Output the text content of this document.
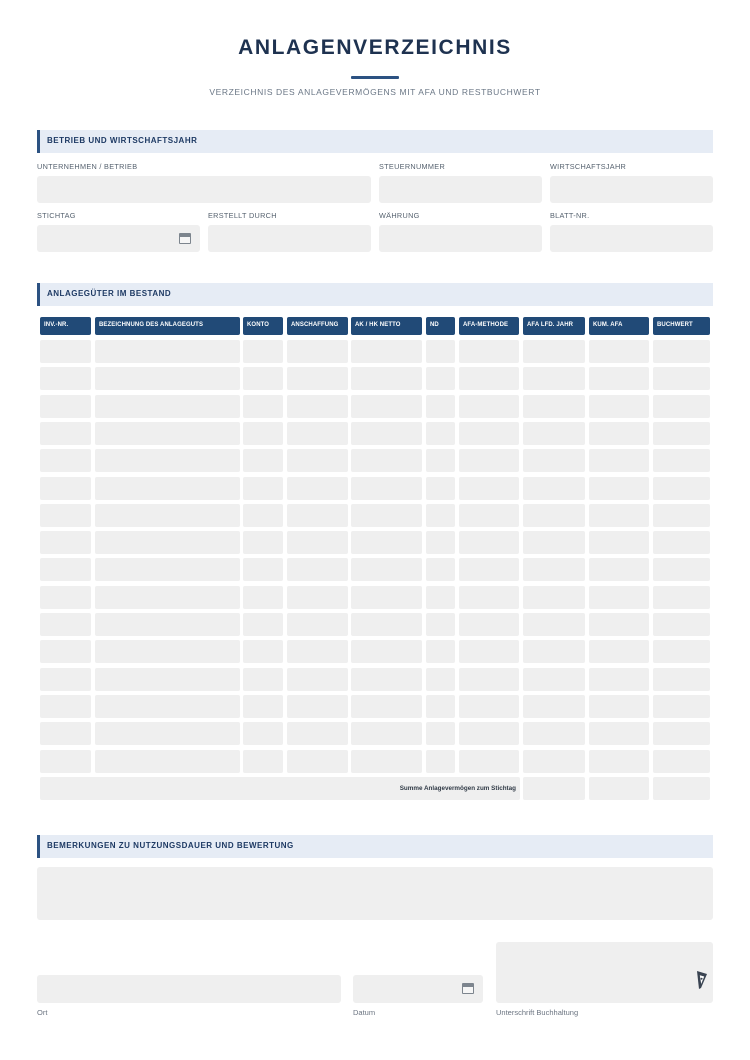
ANLAGENVERZEICHNIS
VERZEICHNIS DES ANLAGEVERMÖGENS MIT AFA UND RESTBUCHWERT
BETRIEB UND WIRTSCHAFTSJAHR
UNTERNEHMEN / BETRIEB	STEUERNUMMER	WIRTSCHAFTSJAHR
STICHTAG	ERSTELLT DURCH	WÄHRUNG	BLATT-NR.
ANLAGEGÜTER IM BESTAND
INV.-NR.	BEZEICHNUNG DES ANLAGEGUTS	KONTO	ANSCHAFFUNG	AK / HK NETTO	ND	AFA-METHODE	AFA LFD. JAHR	KUM. AFA	BUCHWERT
Summe Anlagevermögen zum Stichtag
BEMERKUNGEN ZU NUTZUNGSDAUER UND BEWERTUNG
Ort	Datum	Unterschrift Buchhaltung
